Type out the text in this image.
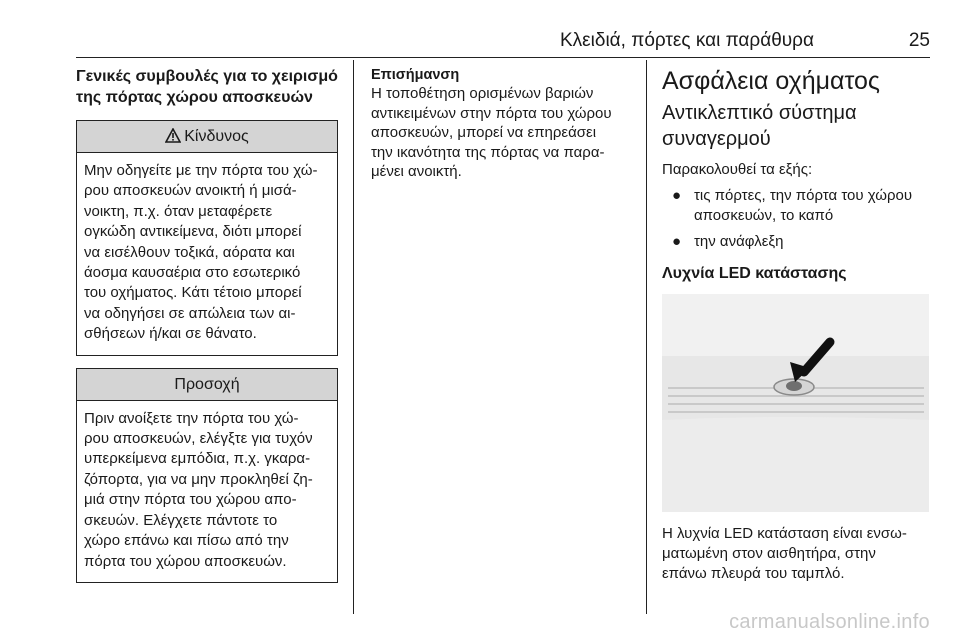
Κλειδιά, πόρτες και παράθυρα	25
Γενικές συμβουλές για το χειρισμό
της πόρτας χώρου αποσκευών
Κίνδυνος
Μην οδηγείτε με την πόρτα του χώ-
ρου αποσκευών ανοικτή ή μισά-
νοικτη, π.χ. όταν μεταφέρετε
ογκώδη αντικείμενα, διότι μπορεί
να εισέλθουν τοξικά, αόρατα και
άοσμα καυσαέρια στο εσωτερικό
του οχήματος. Κάτι τέτοιο μπορεί
να οδηγήσει σε απώλεια των αι-
σθήσεων ή/και σε θάνατο.
Προσοχή
Πριν ανοίξετε την πόρτα του χώ-
ρου αποσκευών, ελέγξτε για τυχόν
υπερκείμενα εμπόδια, π.χ. γκαρα-
ζόπορτα, για να μην προκληθεί ζη-
μιά στην πόρτα του χώρου απο-
σκευών. Ελέγχετε πάντοτε το
χώρο επάνω και πίσω από την
πόρτα του χώρου αποσκευών.
Επισήμανση
Η τοποθέτηση ορισμένων βαριών
αντικειμένων στην πόρτα του χώρου
αποσκευών, μπορεί να επηρεάσει
την ικανότητα της πόρτας να παρα-
μένει ανοικτή.
Ασφάλεια οχήματος
Αντικλεπτικό σύστημα
συναγερμού

Παρακολουθεί τα εξής:

● τις πόρτες, την πόρτα του χώρου
αποσκευών, το καπό
● την ανάφλεξη
Λυχνία LED κατάστασης
Η λυχνία LED κατάσταση είναι ενσω-
ματωμένη στον αισθητήρα, στην
επάνω πλευρά του ταμπλό.
carmanualsonline.info
